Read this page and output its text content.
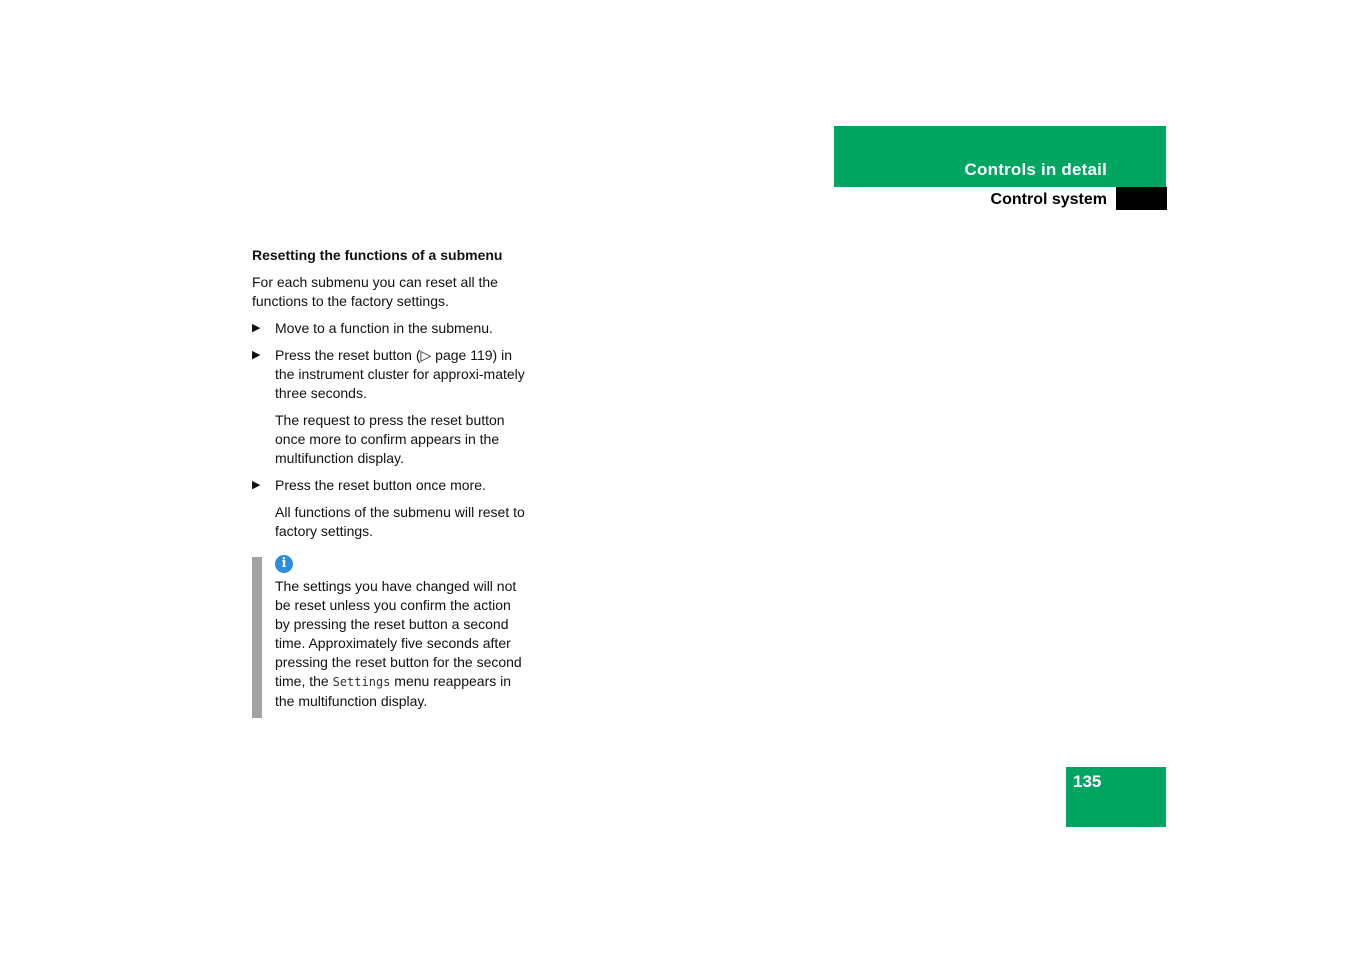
Controls in detail
Control system
Resetting the functions of a submenu
For each submenu you can reset all the functions to the factory settings.
▶ Move to a function in the submenu.
▶ Press the reset button (▷ page 119) in the instrument cluster for approxi-mately three seconds.
The request to press the reset button once more to confirm appears in the multifunction display.
▶ Press the reset button once more.
All functions of the submenu will reset to factory settings.
i
The settings you have changed will not be reset unless you confirm the action by pressing the reset button a second time. Approximately five seconds after pressing the reset button for the second time, the Settings menu reappears in the multifunction display.
135
